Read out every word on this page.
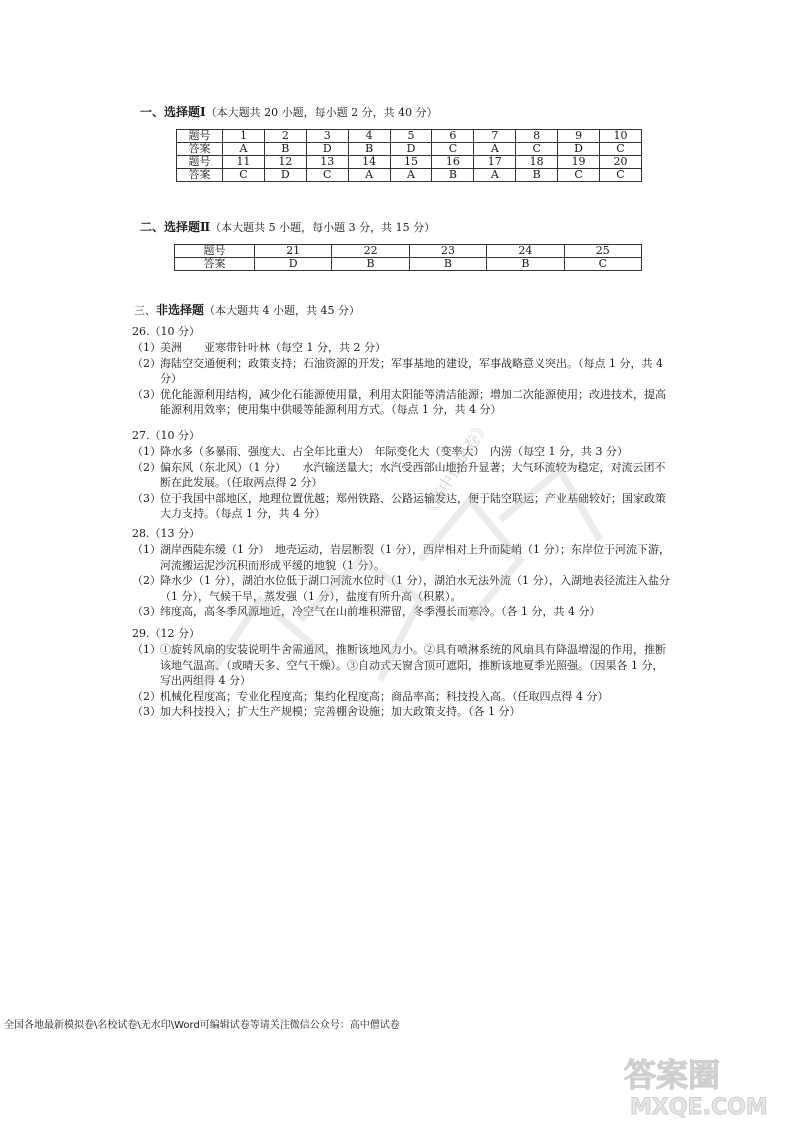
一、选择题Ⅰ（本大题共 20 小题，每小题 2 分，共 40 分）
题号	1	2	3	4	5	6	7	8	9	10
答案	A	B	D	B	D	C	A	C	D	C
题号	11	12	13	14	15	16	17	18	19	20
答案	C	D	C	A	A	B	A	B	C	C
二、选择题Ⅱ（本大题共 5 小题，每小题 3 分，共 15 分）
题号	21	22	23	24	25
答案	D	B	B	B	C
三、非选择题（本大题共 4 小题，共 45 分）
26.（10 分）
（1） 美洲　　亚寒带针叶林（每空 1 分，共 2 分）
（2） 海陆空交通便利；政策支持；石油资源的开发；军事基地的建设，军事战略意义突出。（每点 1 分，共 4 分）
（3） 优化能源利用结构，减少化石能源使用量，利用太阳能等清洁能源；增加二次能源使用；改进技术，提高能源利用效率；使用集中供暖等能源利用方式。（每点 1 分，共 4 分）
27.（10 分）
（1） 降水多（多暴雨、强度大、占全年比重大）　年际变化大（变率大）　内涝（每空 1 分，共 3 分）
（2） 偏东风（东北风）（1 分）　　水汽输送量大；水汽受西部山地抬升显著；大气环流较为稳定，对流云团不断在此发展。（任取两点得 2 分）
（3） 位于我国中部地区，地理位置优越；郑州铁路、公路运输发达，便于陆空联运；产业基础较好；国家政策大力支持。（每点 1 分，共 4 分）
28.（13 分）
（1） 湖岸西陡东缓（1 分）　地壳运动，岩层断裂（1 分），西岸相对上升而陡峭（1 分）；东岸位于河流下游，河流搬运泥沙沉积而形成平缓的地貌（1 分）。
（2） 降水少（1 分），湖泊水位低于湖口河流水位时（1 分），湖泊水无法外流（1 分），入湖地表径流注入盐分（1 分），气候干旱，蒸发强（1 分），盐度有所升高（积累）。
（3） 纬度高，高冬季风源地近，冷空气在山前堆积滞留，冬季漫长而寒冷。（各 1 分，共 4 分）
29.（12 分）
（1） ①旋转风扇的安装说明牛舍需通风，推断该地风力小。②具有喷淋系统的风扇具有降温增湿的作用，推断该地气温高、（或晴天多、空气干燥）。③自动式天窗含顶可遮阳，推断该地夏季光照强。（因果各 1 分，写出两组得 4 分）
（2） 机械化程度高；专业化程度高；集约化程度高；商品率高；科技投入高。（任取四点得 4 分）
（3） 加大科技投入；扩大生产规模；完善棚舍设施；加大政策支持。（各 1 分）
《高中僧试卷》
全国各地最新模拟卷\名校试卷\无水印\Word可编辑试卷等请关注微信公众号：高中僧试卷
答案圈
MXQE.COM
